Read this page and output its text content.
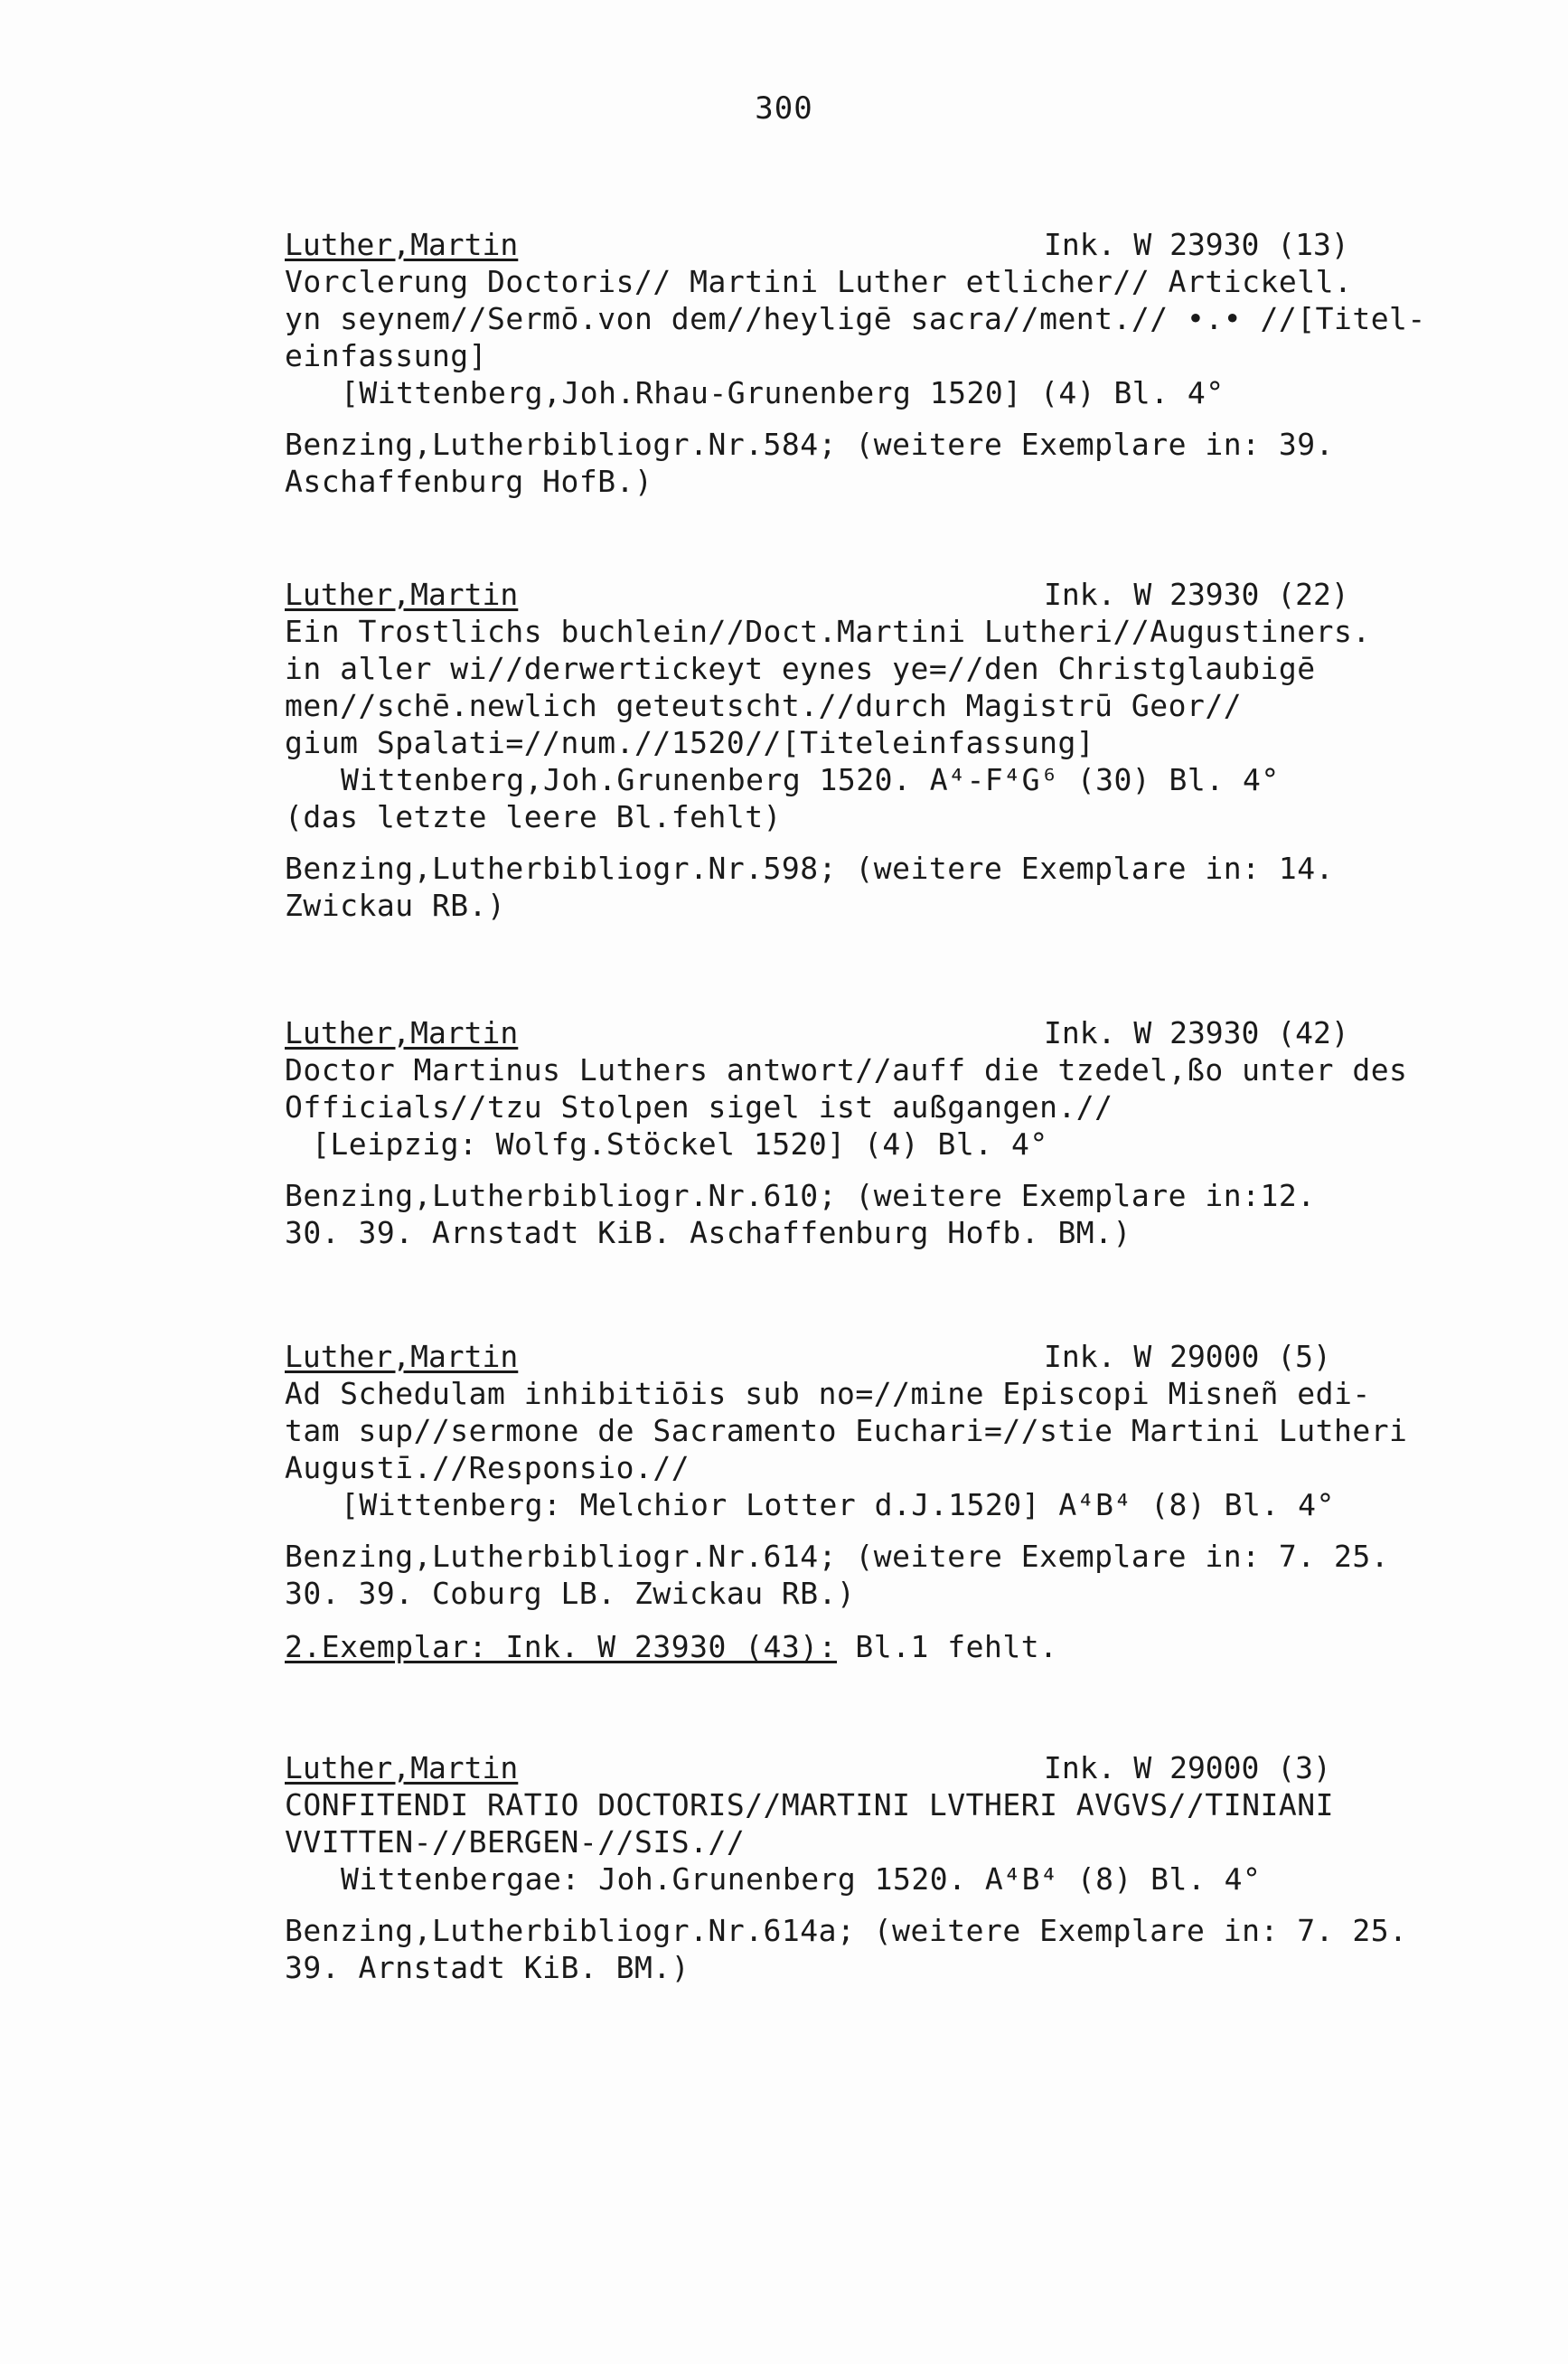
300
Luther,Martin	Ink. W 23930 (13)
Vorclerung Doctoris// Martini Luther etlicher// Artickell.
yn seynem//Sermō.von dem//heyligē sacra//ment.// •.• //[Titel-
einfassung]
[Wittenberg,Joh.Rhau-Grunenberg 1520] (4) Bl. 4°
Benzing,Lutherbibliogr.Nr.584; (weitere Exemplare in: 39.
Aschaffenburg HofB.)
Luther,Martin	Ink. W 23930 (22)
Ein Trostlichs buchlein//Doct.Martini Lutheri//Augustiners.
in aller wi//derwertickeyt eynes ye=//den Christglaubigē
men//schē.newlich geteutscht.//durch Magistrū Geor//
gium Spalati=//num.//1520//[Titeleinfassung]
Wittenberg,Joh.Grunenberg 1520. A⁴-F⁴G⁶ (30) Bl. 4°
(das letzte leere Bl.fehlt)
Benzing,Lutherbibliogr.Nr.598; (weitere Exemplare in: 14.
Zwickau RB.)
Luther,Martin	Ink. W 23930 (42)
Doctor Martinus Luthers antwort//auff die tzedel,ßo unter des
Officials//tzu Stolpen sigel ist außgangen.//
[Leipzig: Wolfg.Stöckel 1520] (4) Bl. 4°
Benzing,Lutherbibliogr.Nr.610; (weitere Exemplare in:12.
30. 39. Arnstadt KiB. Aschaffenburg Hofb. BM.)
Luther,Martin	Ink. W 29000 (5)
Ad Schedulam inhibitiōis sub no=//mine Episcopi Misneñ edi-
tam sup//sermone de Sacramento Euchari=//stie Martini Lutheri
Augustī.//Responsio.//
[Wittenberg: Melchior Lotter d.J.1520] A⁴B⁴ (8) Bl. 4°
Benzing,Lutherbibliogr.Nr.614; (weitere Exemplare in: 7. 25.
30. 39. Coburg LB. Zwickau RB.)
2.Exemplar: Ink. W 23930 (43): Bl.1 fehlt.
Luther,Martin	Ink. W 29000 (3)
CONFITENDI RATIO DOCTORIS//MARTINI LVTHERI AVGVS//TINIANI
VVITTEN-//BERGEN-//SIS.//
Wittenbergae: Joh.Grunenberg 1520. A⁴B⁴ (8) Bl. 4°
Benzing,Lutherbibliogr.Nr.614a; (weitere Exemplare in: 7. 25.
39. Arnstadt KiB. BM.)
